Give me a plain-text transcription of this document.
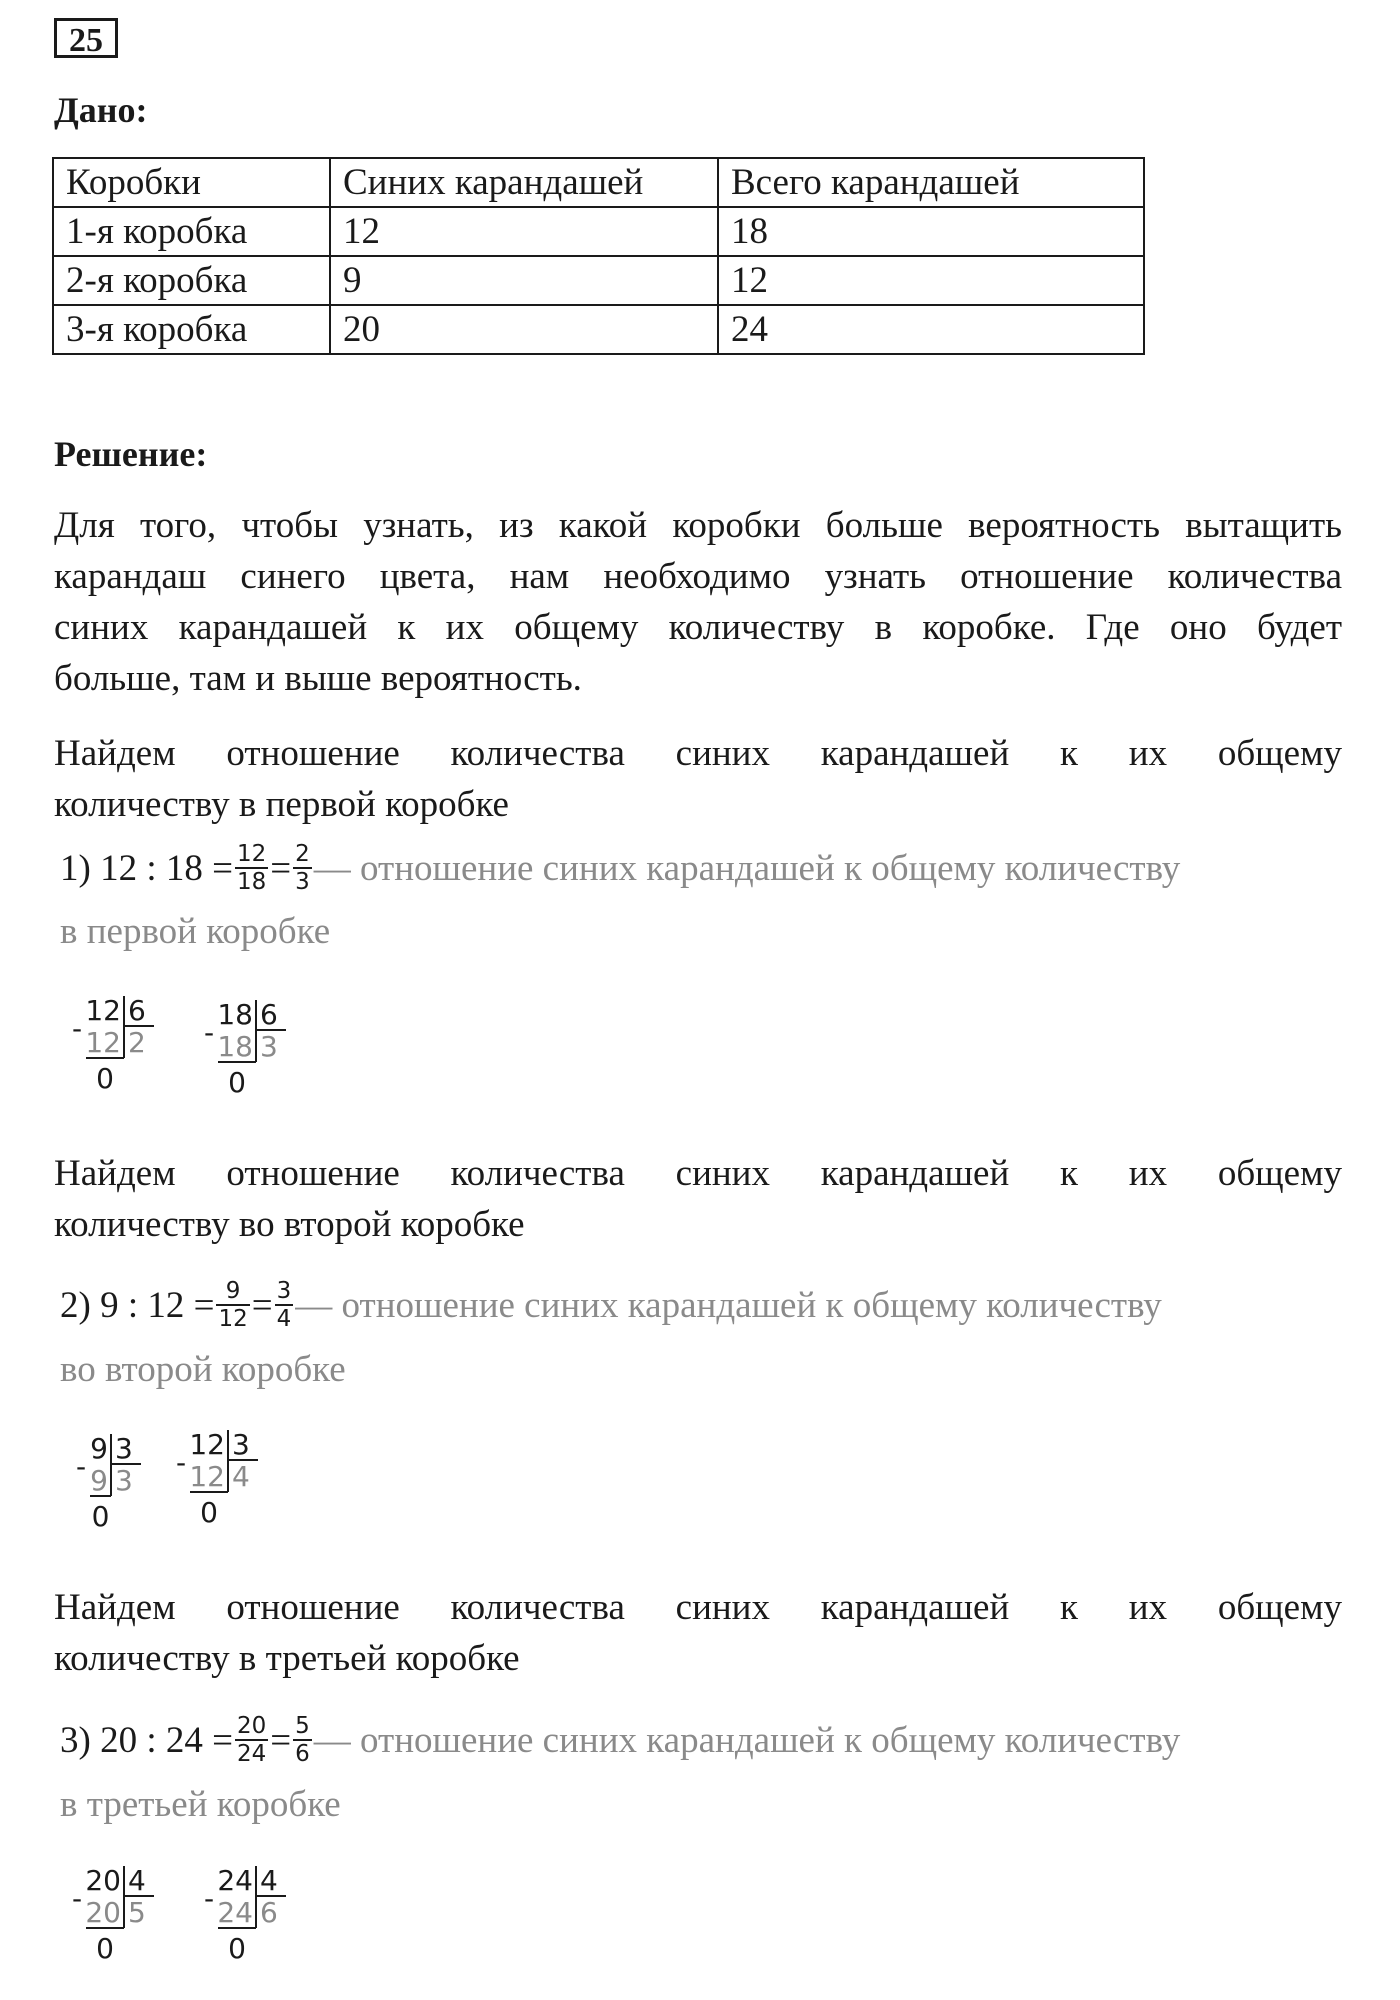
25
Дано:
Коробки	Синих карандашей	Всего карандашей
1-я коробка	12	18
2-я коробка	9	12
3-я коробка	20	24
Решение:
Для того, чтобы узнать, из какой коробки больше вероятность вытащить
карандаш синего цвета, нам необходимо узнать отношение количества
синих карандашей к их общему количеству в коробке. Где оно будет
больше, там и выше вероятность.
Найдем отношение количества синих карандашей к их общему
количеству в первой коробке
1) 12 : $18 = \frac{12}{18} = \frac{2}{3}$ — отношение синих карандашей к общему количеству
в первой коробке
Найдем отношение количества синих карандашей к их общему
количеству во второй коробке
2) 9 : $12 = \frac{9}{12} = \frac{3}{4}$ — отношение синих карандашей к общему количеству
во второй коробке
Найдем отношение количества синих карандашей к их общему
количеству в третьей коробке
3) 20 : $24 = \frac{20}{24} = \frac{5}{6}$ — отношение синих карандашей к общему количеству
в третьей коробке
12 6
- 12 2
0
18 6
- 18 3
0
9 3
- 9 3
0
12 3
- 12 4
0
20 4
- 20 5
0
24 4
- 24 6
0
